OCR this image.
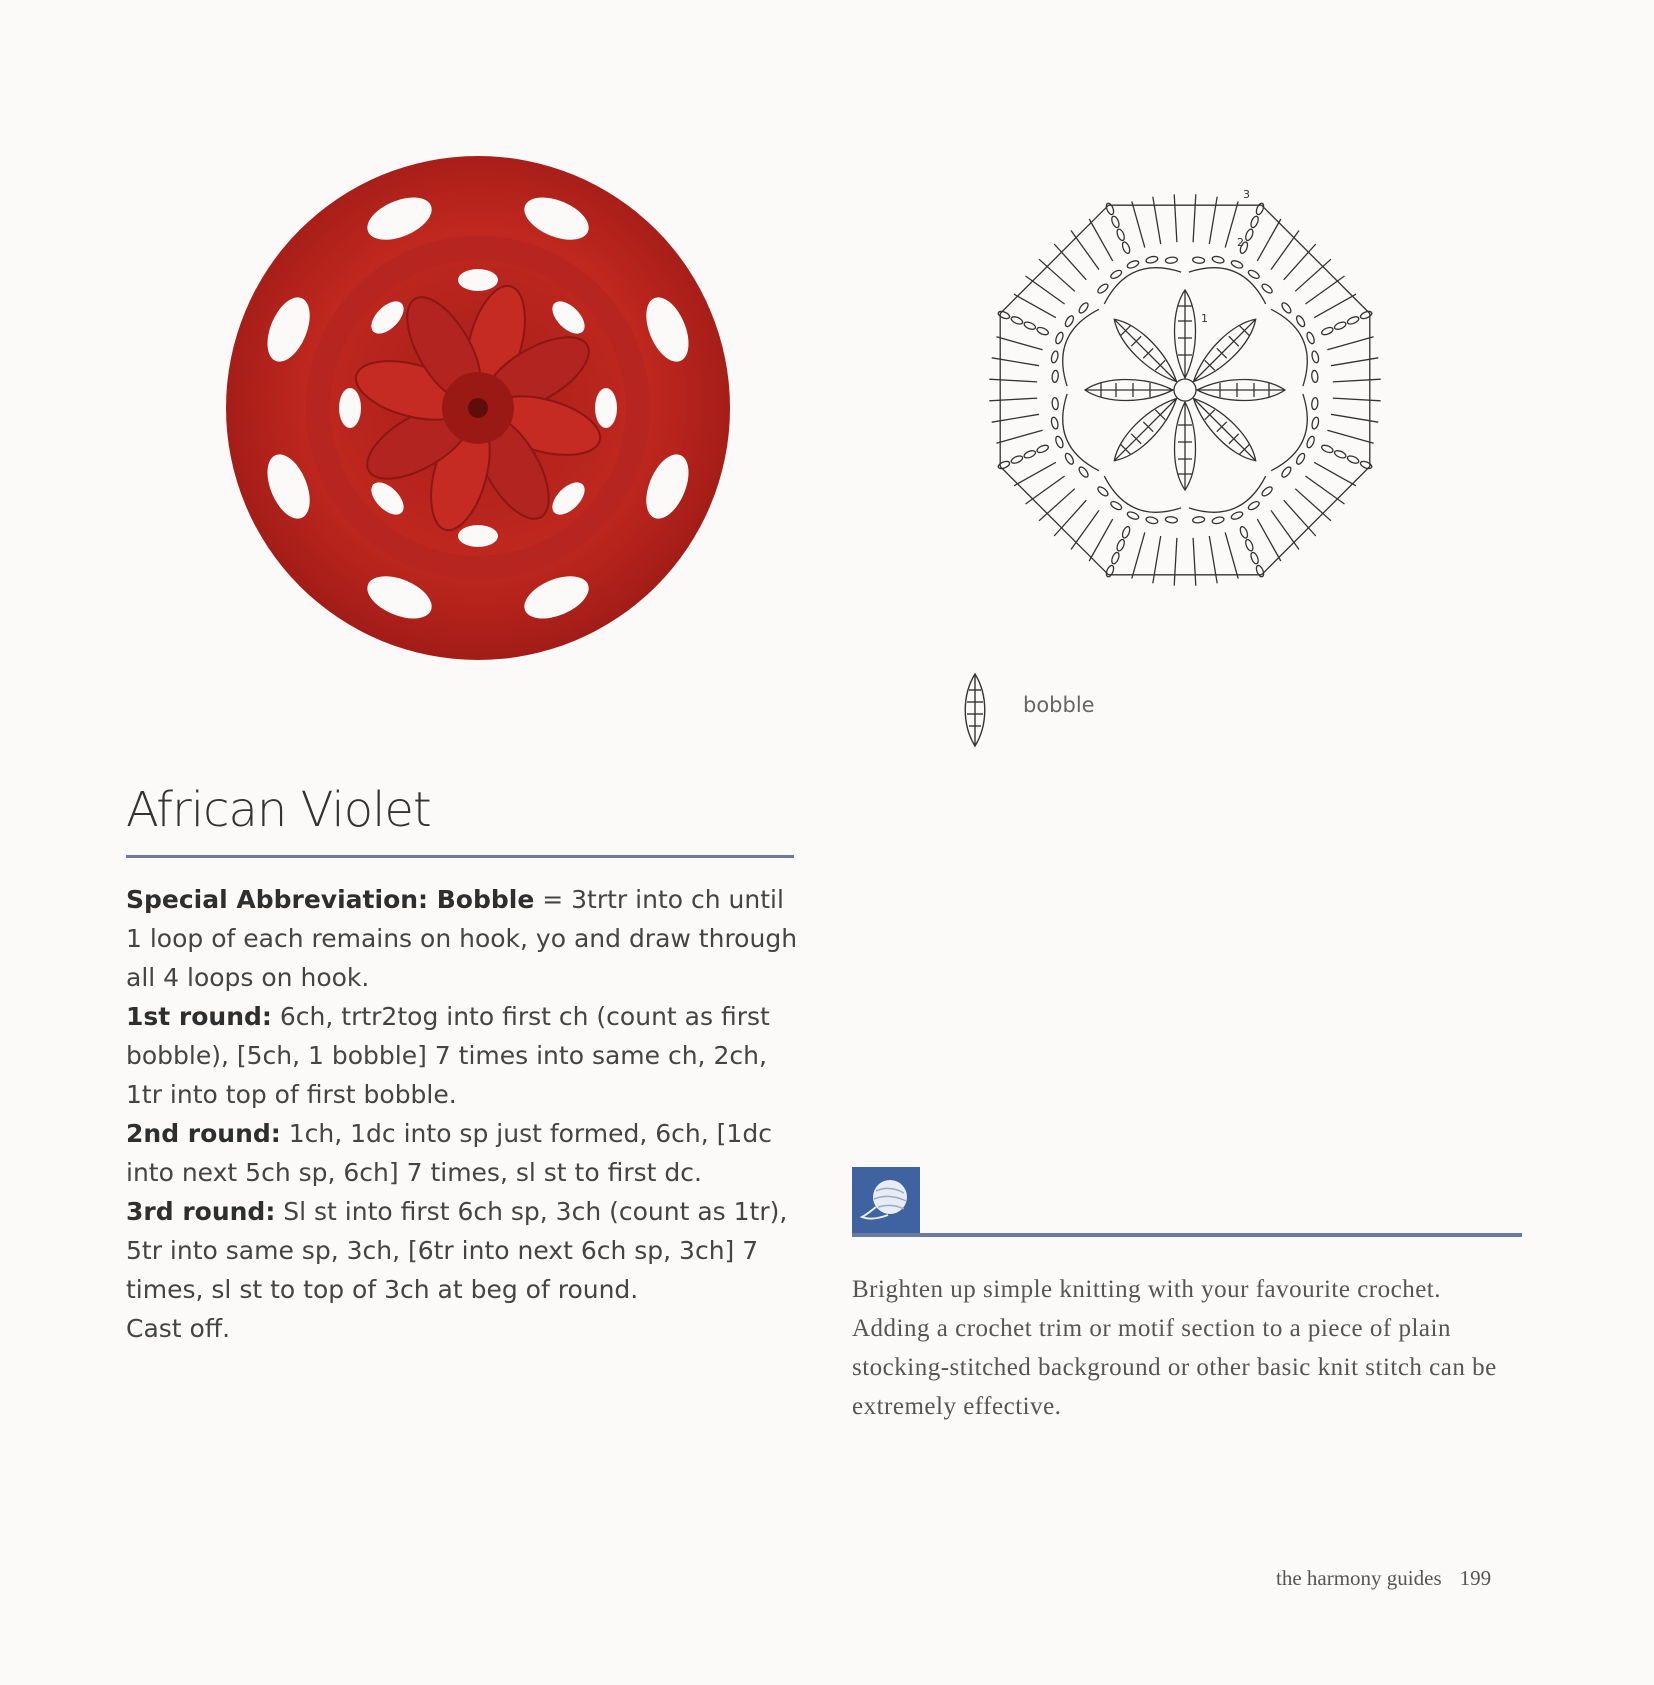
1
2
3
bobble
African Violet

Special Abbreviation: Bobble = 3trtr into ch until 1 loop of each remains on hook, yo and draw through all 4 loops on hook.

1st round: 6ch, trtr2tog into first ch (count as first bobble), [5ch, 1 bobble] 7 times into same ch, 2ch, 1tr into top of first bobble.

2nd round: 1ch, 1dc into sp just formed, 6ch, [1dc into next 5ch sp, 6ch] 7 times, sl st to first dc.

3rd round: Sl st into first 6ch sp, 3ch (count as 1tr), 5tr into same sp, 3ch, [6tr into next 6ch sp, 3ch] 7 times, sl st to top of 3ch at beg of round.

Cast off.

Brighten up simple knitting with your favourite crochet. Adding a crochet trim or motif section to a piece of plain stocking-stitched background or other basic knit stitch can be extremely effective.
the harmony guides 199
